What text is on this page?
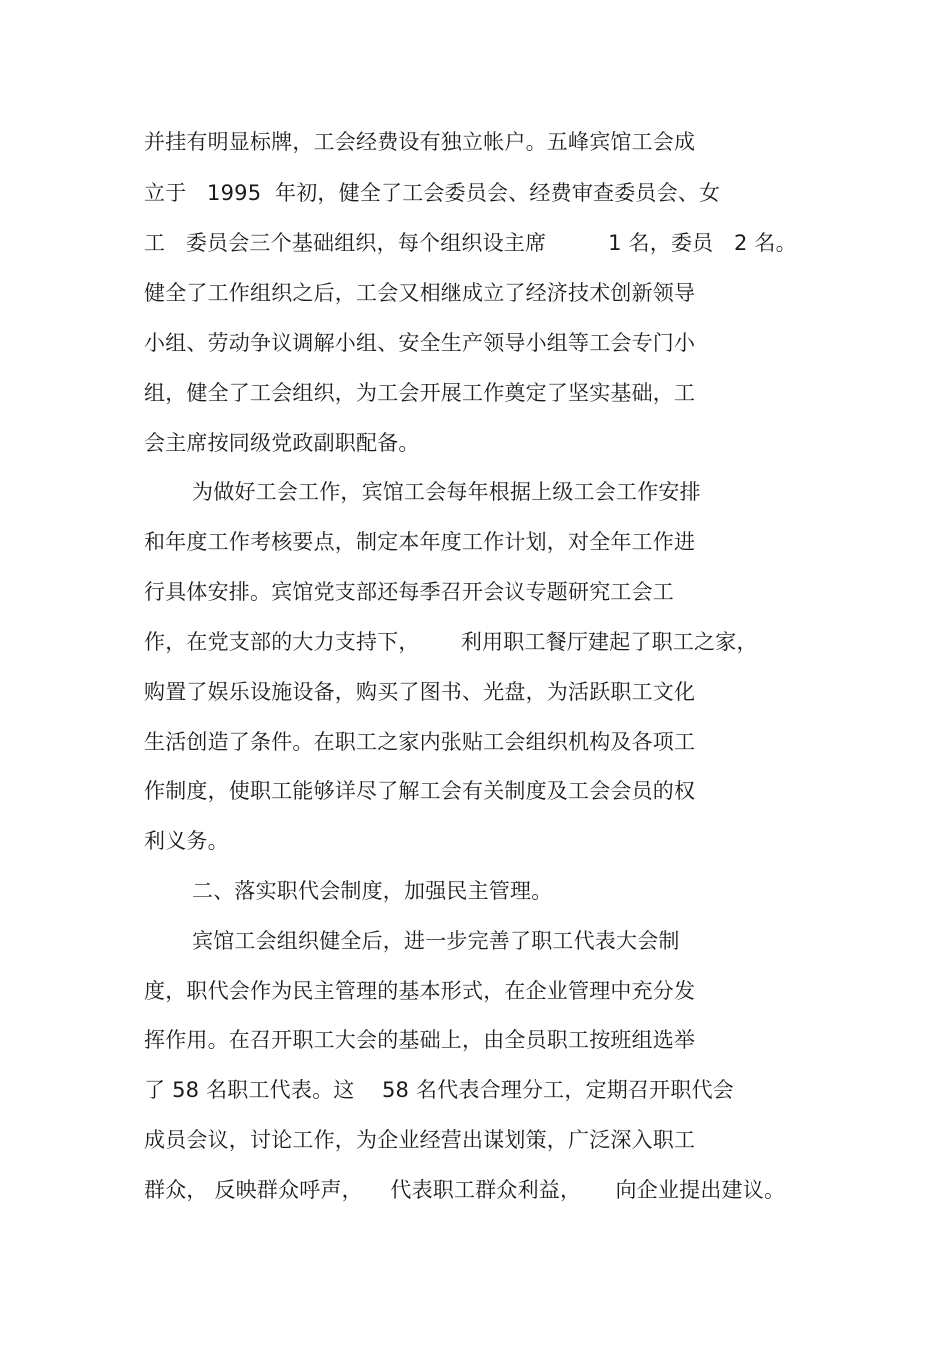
并挂有明显标牌，工会经费设有独立帐户。五峰宾馆工会成
立于   1995  年初，健全了工会委员会、经费审查委员会、女
工   委员会三个基础组织，每个组织设主席         1 名，委员   2 名。
健全了工作组织之后，工会又相继成立了经济技术创新领导
小组、劳动争议调解小组、安全生产领导小组等工会专门小
组，健全了工会组织，为工会开展工作奠定了坚实基础，工
会主席按同级党政副职配备。
为做好工会工作，宾馆工会每年根据上级工会工作安排
和年度工作考核要点，制定本年度工作计划，对全年工作进
行具体安排。宾馆党支部还每季召开会议专题研究工会工
作，在党支部的大力支持下，      利用职工餐厅建起了职工之家，
购置了娱乐设施设备，购买了图书、光盘，为活跃职工文化
生活创造了条件。在职工之家内张贴工会组织机构及各项工
作制度，使职工能够详尽了解工会有关制度及工会会员的权
利义务。
二、落实职代会制度，加强民主管理。
宾馆工会组织健全后，进一步完善了职工代表大会制
度，职代会作为民主管理的基本形式，在企业管理中充分发
挥作用。在召开职工大会的基础上，由全员职工按班组选举
了 58 名职工代表。这    58 名代表合理分工，定期召开职代会
成员会议，讨论工作，为企业经营出谋划策，广泛深入职工
群众， 反映群众呼声，    代表职工群众利益，     向企业提出建议。
